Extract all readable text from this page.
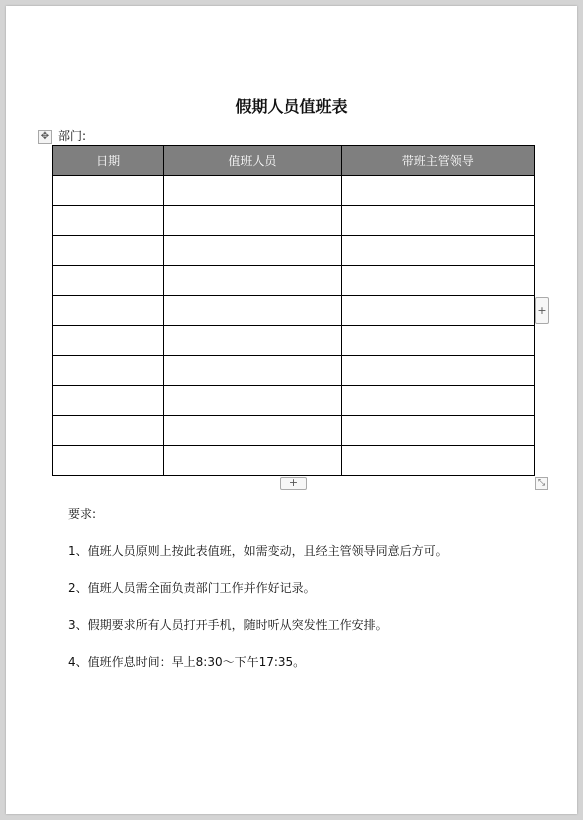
假期人员值班表
✥ 部门:
日期	值班人员	带班主管领导

+
+	⤡
要求:
1、值班人员原则上按此表值班，如需变动，且经主管领导同意后方可。
2、值班人员需全面负责部门工作并作好记录。
3、假期要求所有人员打开手机，随时听从突发性工作安排。
4、值班作息时间：早上8:30～下午17:35。
